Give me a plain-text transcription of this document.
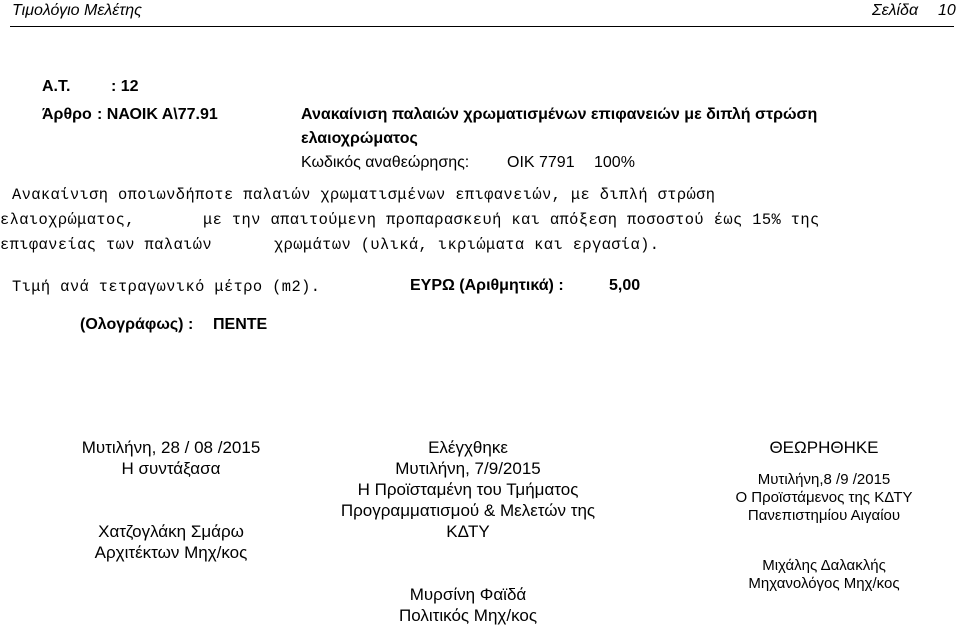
Τιμολόγιο Μελέτης	Σελίδα 10
Α.Τ.	: 12
Άρθρο : ΝΑΟΙΚ Α\77.91	Ανακαίνιση παλαιών χρωματισμένων επιφανειών με διπλή στρώση
ελαιοχρώματος
Κωδικός αναθεώρησης: ΟΙΚ 7791 100%
Ανακαίνιση οποιωνδήποτε παλαιών χρωματισμένων επιφανειών, με διπλή στρώση
ελαιοχρώματος,	με την απαιτούμενη προπαρασκευή και απόξεση ποσοστού έως 15% της
επιφανείας των παλαιών	χρωμάτων (υλικά, ικριώματα και εργασία).
Τιμή ανά τετραγωνικό μέτρο (m2).	ΕΥΡΩ (Αριθμητικά) :	5,00
(Ολογράφως) : ΠΕΝΤΕ
Μυτιλήνη, 28 / 08 /2015
Η συντάξασα
Χατζογλάκη Σμάρω
Αρχιτέκτων Μηχ/κος
Ελέγχθηκε
Μυτιλήνη, 7/9/2015
Η Προϊσταμένη του Τμήματος
Προγραμματισμού & Μελετών της
ΚΔΤΥ
Μυρσίνη Φαϊδά
Πολιτικός Μηχ/κος
ΘΕΩΡΗΘΗΚΕ
Μυτιλήνη,8 /9 /2015
Ο Προϊστάμενος της ΚΔΤΥ
Πανεπιστημίου Αιγαίου
Μιχάλης Δαλακλής
Μηχανολόγος Μηχ/κος
